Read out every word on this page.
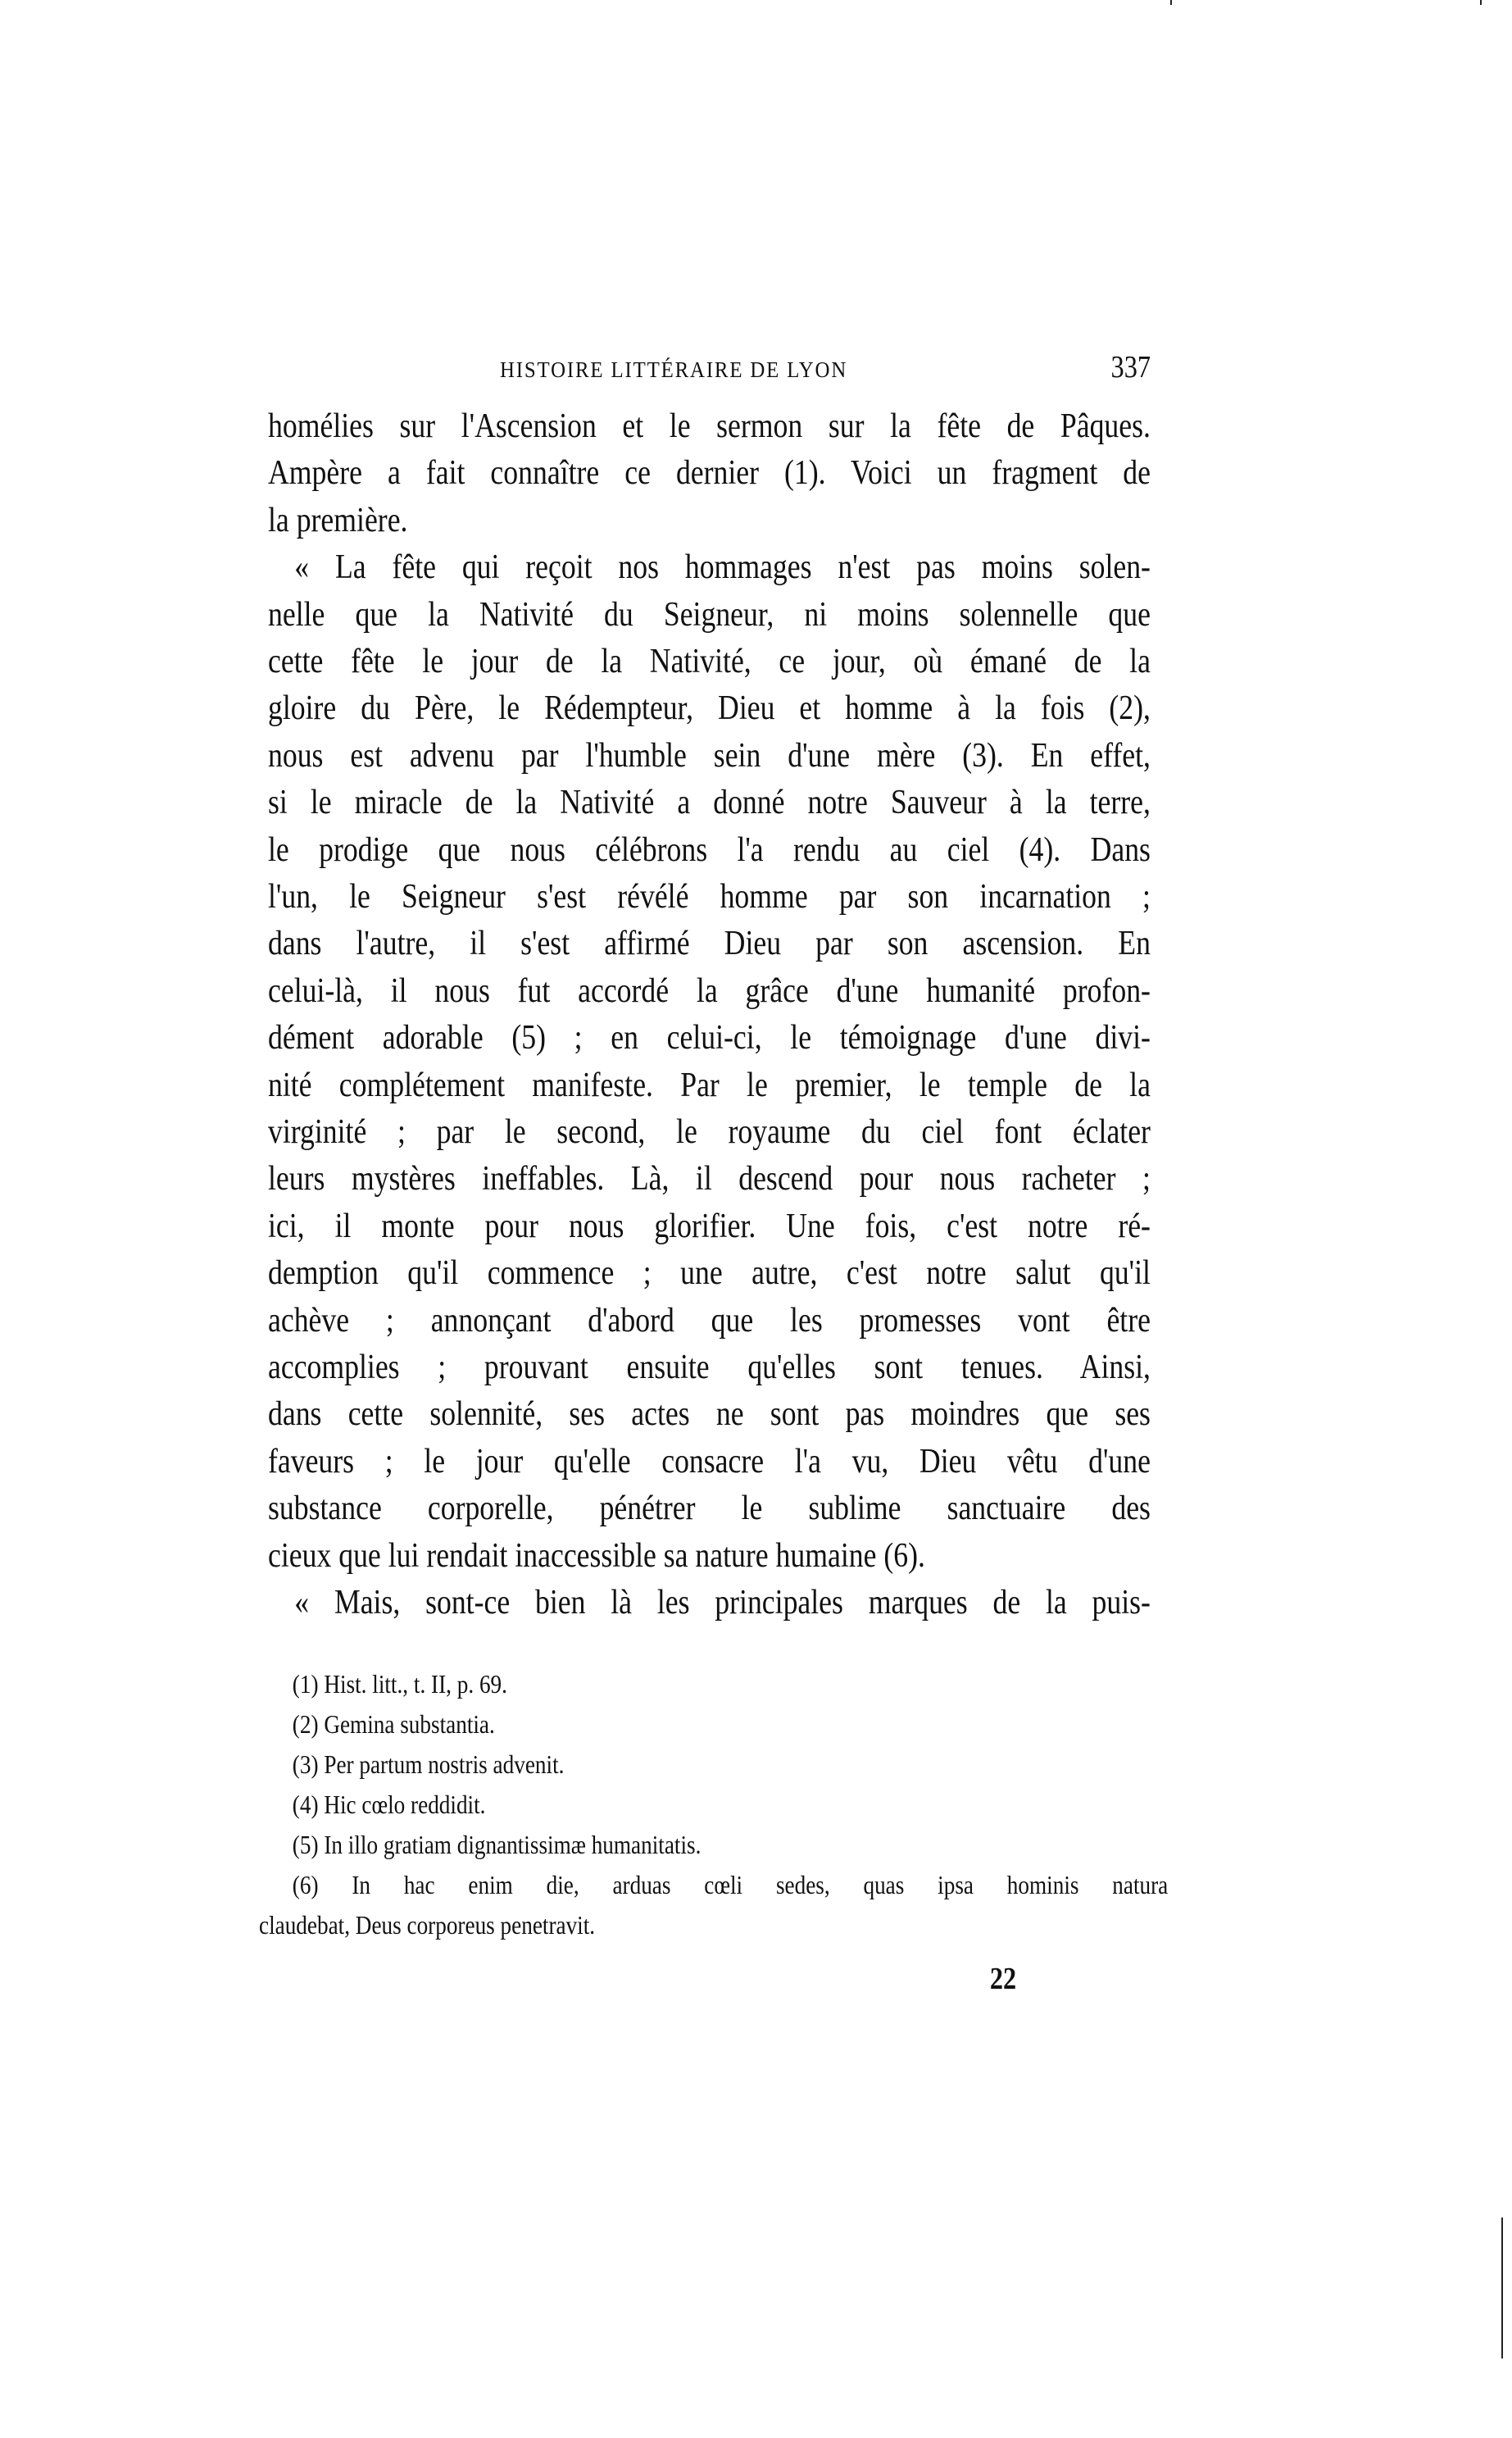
HISTOIRE LITTÉRAIRE DE LYON	337
homélies sur l'Ascension et le sermon sur la fête de Pâques.
Ampère a fait connaître ce dernier (1). Voici un fragment de
la première.
« La fête qui reçoit nos hommages n'est pas moins solen-
nelle que la Nativité du Seigneur, ni moins solennelle que
cette fête le jour de la Nativité, ce jour, où émané de la
gloire du Père, le Rédempteur, Dieu et homme à la fois (2),
nous est advenu par l'humble sein d'une mère (3). En effet,
si le miracle de la Nativité a donné notre Sauveur à la terre,
le prodige que nous célébrons l'a rendu au ciel (4). Dans
l'un, le Seigneur s'est révélé homme par son incarnation ;
dans l'autre, il s'est affirmé Dieu par son ascension. En
celui-là, il nous fut accordé la grâce d'une humanité profon-
dément adorable (5) ; en celui-ci, le témoignage d'une divi-
nité complétement manifeste. Par le premier, le temple de la
virginité ; par le second, le royaume du ciel font éclater
leurs mystères ineffables. Là, il descend pour nous racheter ;
ici, il monte pour nous glorifier. Une fois, c'est notre ré-
demption qu'il commence ; une autre, c'est notre salut qu'il
achève ; annonçant d'abord que les promesses vont être
accomplies ; prouvant ensuite qu'elles sont tenues. Ainsi,
dans cette solennité, ses actes ne sont pas moindres que ses
faveurs ; le jour qu'elle consacre l'a vu, Dieu vêtu d'une
substance corporelle, pénétrer le sublime sanctuaire des
cieux que lui rendait inaccessible sa nature humaine (6).
« Mais, sont-ce bien là les principales marques de la puis-
(1) Hist. litt., t. II, p. 69.
(2) Gemina substantia.
(3) Per partum nostris advenit.
(4) Hic cœlo reddidit.
(5) In illo gratiam dignantissimæ humanitatis.
(6) In hac enim die, arduas cœli sedes, quas ipsa hominis natura
claudebat, Deus corporeus penetravit.
22
